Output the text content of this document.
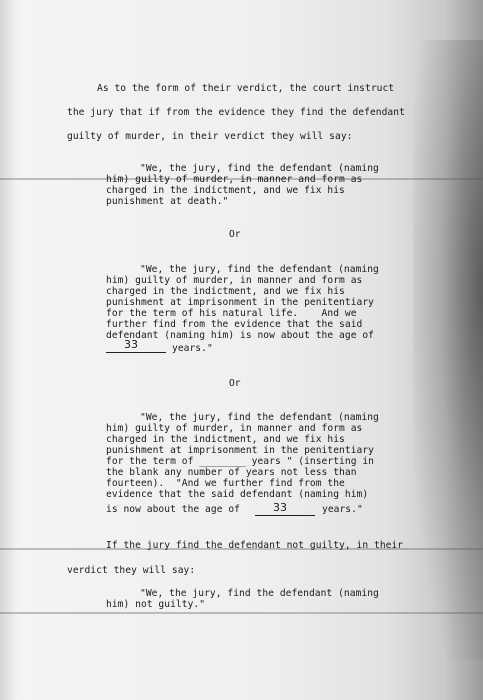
As to the form of their verdict, the court instruct
the jury that if from the evidence they find the defendant
guilty of murder, in their verdict they will say:
"We, the jury, find the defendant (naming
him) guilty of murder, in manner and form as
charged in the indictment, and we fix his
punishment at death."
Or
"We, the jury, find the defendant (naming
him) guilty of murder, in manner and form as
charged in the indictment, and we fix his
punishment at imprisonment in the penitentiary
for the term of his natural life.    And we
further find from the evidence that the said
defendant (naming him) is now about the age of
33	years."
Or
"We, the jury, find the defendant (naming
him) guilty of murder, in manner and form as
charged in the indictment, and we fix his
punishment at imprisonment in the penitentiary
for the term of ________ years " (inserting in
the blank any number of years not less than
fourteen).  "And we further find from the
evidence that the said defendant (naming him)
is now about the age of	33	years."
If the jury find the defendant not guilty, in their
verdict they will say:
"We, the jury, find the defendant (naming
him) not guilty."
